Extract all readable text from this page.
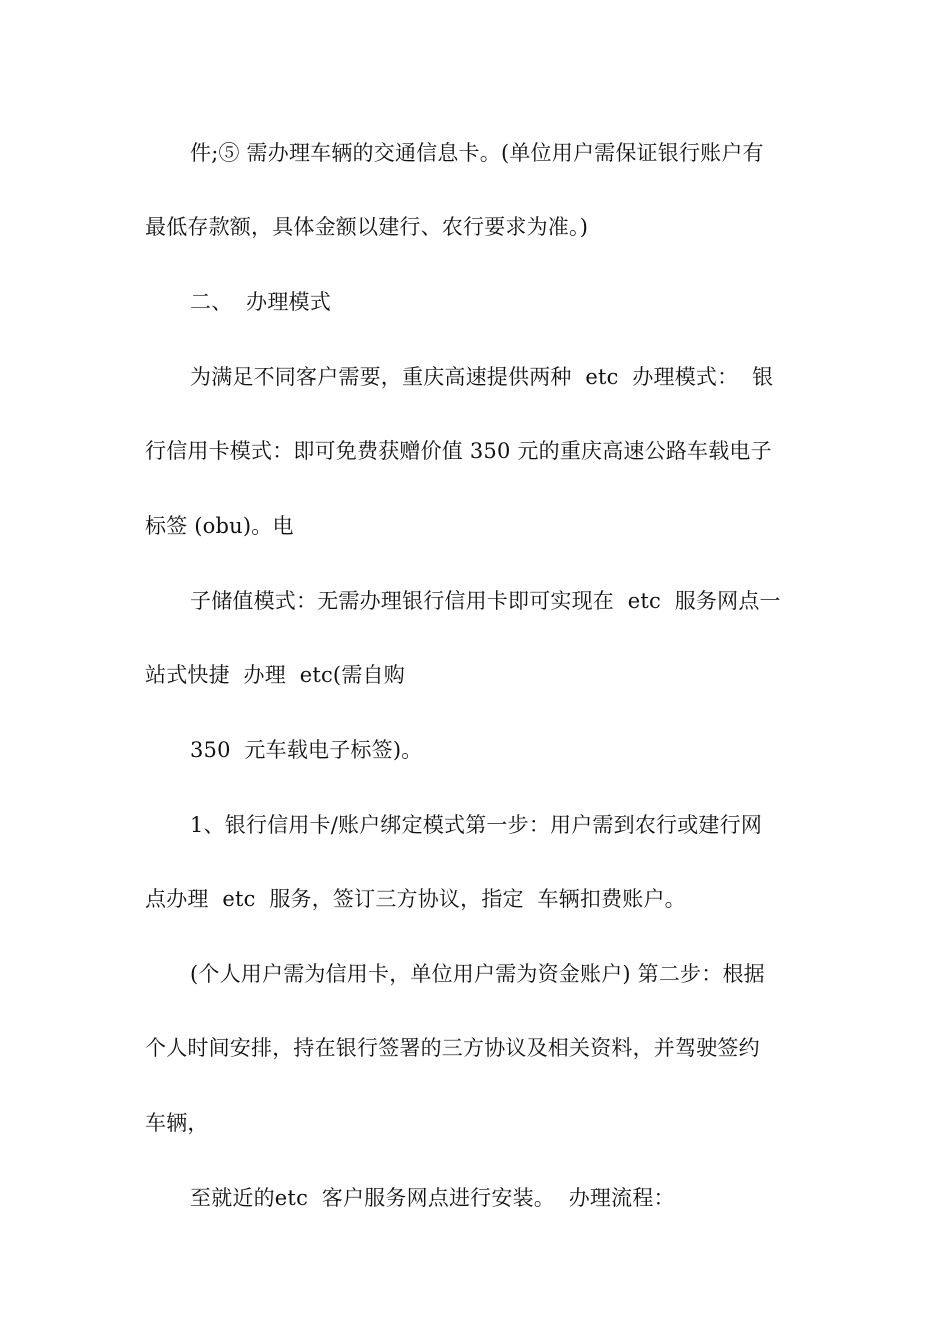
件;⑤ 需办理车辆的交通信息卡。(单位用户需保证银行账户有
最低存款额，具体金额以建行、农行要求为准。)
二、  办理模式
为满足不同客户需要，重庆高速提供两种  etc  办理模式：  银
行信用卡模式：即可免费获赠价值 350 元的重庆高速公路车载电子
标签 (obu)。电
子储值模式：无需办理银行信用卡即可实现在  etc  服务网点一
站式快捷  办理  etc(需自购
350  元车载电子标签)。
1、银行信用卡/账户绑定模式第一步：用户需到农行或建行网
点办理  etc  服务，签订三方协议，指定  车辆扣费账户。
(个人用户需为信用卡，单位用户需为资金账户) 第二步：根据
个人时间安排，持在银行签署的三方协议及相关资料，并驾驶签约
车辆，
至就近的etc  客户服务网点进行安装。  办理流程：
